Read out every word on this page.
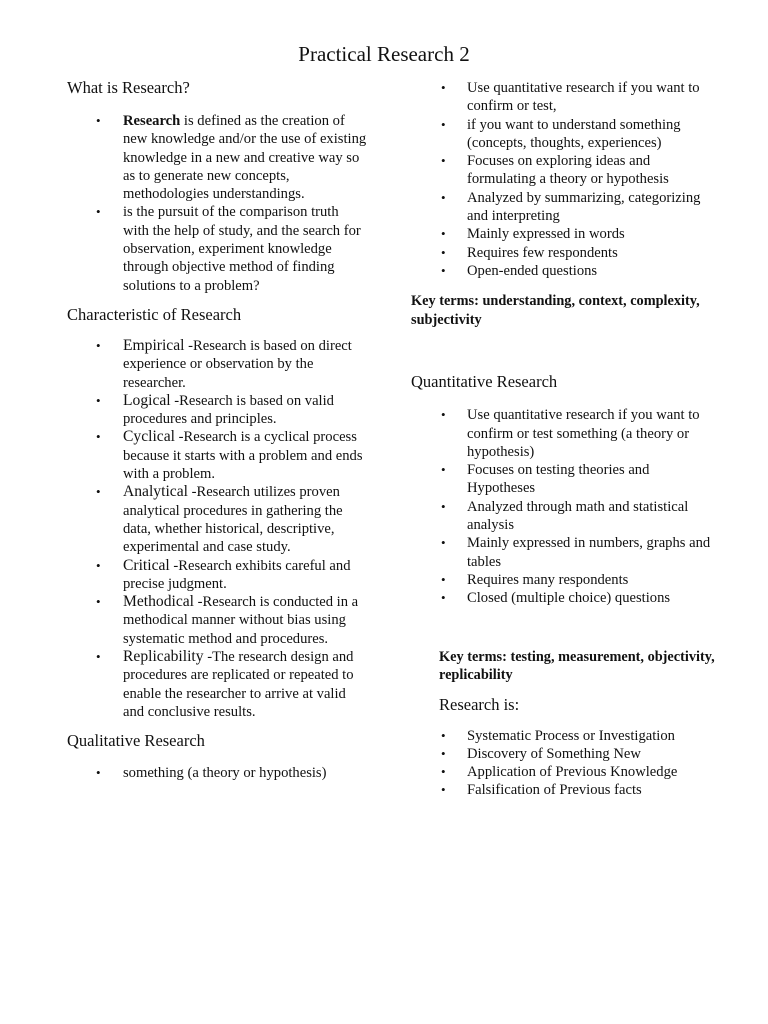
Practical Research 2
What is Research?
• Research is defined as the creation of new knowledge and/or the use of existing knowledge in a new and creative way so as to generate new concepts, methodologies understandings.
• is the pursuit of the comparison truth with the help of study, and the search for observation, experiment knowledge through objective method of finding solutions to a problem?
Characteristic of Research
• Empirical -Research is based on direct experience or observation by the researcher.
• Logical -Research is based on valid procedures and principles.
• Cyclical -Research is a cyclical process because it starts with a problem and ends with a problem.
• Analytical -Research utilizes proven analytical procedures in gathering the data, whether historical, descriptive, experimental and case study.
• Critical -Research exhibits careful and precise judgment.
• Methodical -Research is conducted in a methodical manner without bias using systematic method and procedures.
• Replicability -The research design and procedures are replicated or repeated to enable the researcher to arrive at valid and conclusive results.
Qualitative Research
• something (a theory or hypothesis)
• Use quantitative research if you want to confirm or test,
• if you want to understand something (concepts, thoughts, experiences)
• Focuses on exploring ideas and formulating a theory or hypothesis
• Analyzed by summarizing, categorizing and interpreting
• Mainly expressed in words
• Requires few respondents
• Open-ended questions
Key terms: understanding, context, complexity, subjectivity
Quantitative Research
• Use quantitative research if you want to confirm or test something (a theory or hypothesis)
• Focuses on testing theories and Hypotheses
• Analyzed through math and statistical analysis
• Mainly expressed in numbers, graphs and tables
• Requires many respondents
• Closed (multiple choice) questions
Key terms: testing, measurement, objectivity, replicability
Research is:
• Systematic Process or Investigation
• Discovery of Something New
• Application of Previous Knowledge
• Falsification of Previous facts
